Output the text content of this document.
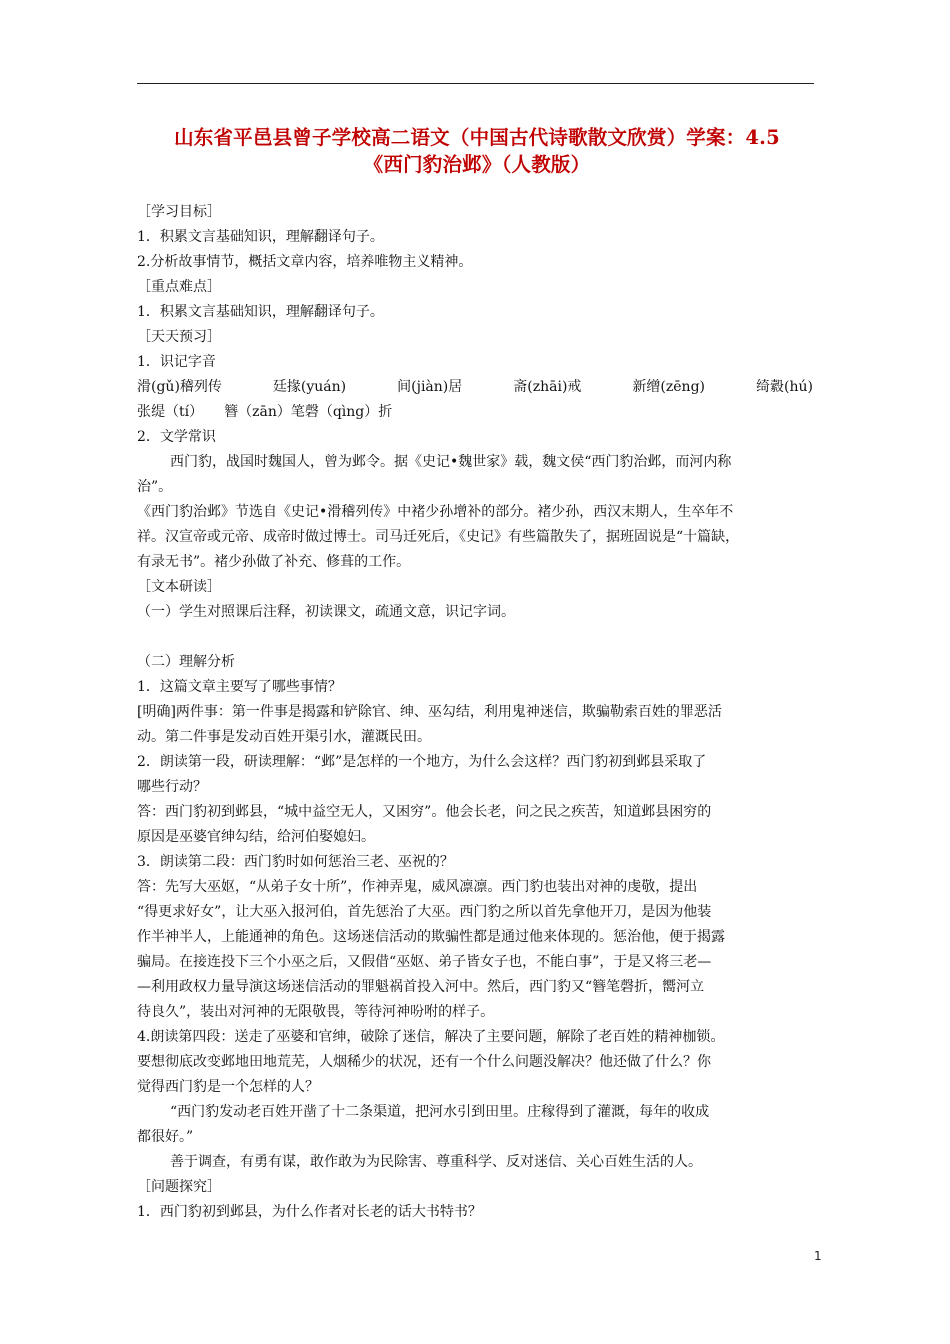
山东省平邑县曾子学校高二语文（中国古代诗歌散文欣赏）学案：4.5
《西门豹治邺》（人教版）
［学习目标］
1．积累文言基础知识，理解翻译句子。
2.分析故事情节，概括文章内容，培养唯物主义精神。
［重点难点］
1．积累文言基础知识，理解翻译句子。
［天天预习］
1．识记字音
滑(gǔ)稽列传	廷掾(yuán)	间(jiàn)居	斋(zhāi)戒	新缯(zēng)	绮縠(hú)
张缇（tí）　　簪（zān）笔磬（qìng）折
2．文学常识
西门豹，战国时魏国人，曾为邺令。据《史记•魏世家》载，魏文侯“西门豹治邺，而河内称
治”。
《西门豹治邺》节选自《史记•滑稽列传》中褚少孙增补的部分。褚少孙，西汉末期人，生卒年不
祥。汉宣帝或元帝、成帝时做过博士。司马迁死后，《史记》有些篇散失了，据班固说是“十篇缺，
有录无书”。褚少孙做了补充、修葺的工作。
［文本研读］
（一）学生对照课后注释，初读课文，疏通文意，识记字词。
（二）理解分析
1．这篇文章主要写了哪些事情？
[明确]两件事：第一件事是揭露和铲除官、绅、巫勾结，利用鬼神迷信，欺骗勒索百姓的罪恶活
动。第二件事是发动百姓开渠引水，灌溉民田。
2．朗读第一段，研读理解：“邺”是怎样的一个地方，为什么会这样？西门豹初到邺县采取了
哪些行动？
答：西门豹初到邺县，“城中益空无人，又困穷”。他会长老，问之民之疾苦，知道邺县困穷的
原因是巫婆官绅勾结，给河伯娶媳妇。
3．朗读第二段：西门豹时如何惩治三老、巫祝的？
答：先写大巫妪，“从弟子女十所”，作神弄鬼，威风凛凛。西门豹也装出对神的虔敬，提出
“得更求好女”，让大巫入报河伯，首先惩治了大巫。西门豹之所以首先拿他开刀，是因为他装
作半神半人，上能通神的角色。这场迷信活动的欺骗性都是通过他来体现的。惩治他，便于揭露
骗局。在接连投下三个小巫之后，又假借“巫妪、弟子皆女子也，不能白事”，于是又将三老—
—利用政权力量导演这场迷信活动的罪魁祸首投入河中。然后，西门豹又“簪笔磬折，嚮河立
待良久”，装出对河神的无限敬畏，等待河神吩咐的样子。
4.朗读第四段：送走了巫婆和官绅，破除了迷信，解决了主要问题，解除了老百姓的精神枷锁。
要想彻底改变邺地田地荒芜，人烟稀少的状况，还有一个什么问题没解决？他还做了什么？你
觉得西门豹是一个怎样的人？
“西门豹发动老百姓开凿了十二条渠道，把河水引到田里。庄稼得到了灌溉，每年的收成
都很好。”
善于调查，有勇有谋，敢作敢为为民除害、尊重科学、反对迷信、关心百姓生活的人。
［问题探究］
1．西门豹初到邺县，为什么作者对长老的话大书特书？
1
